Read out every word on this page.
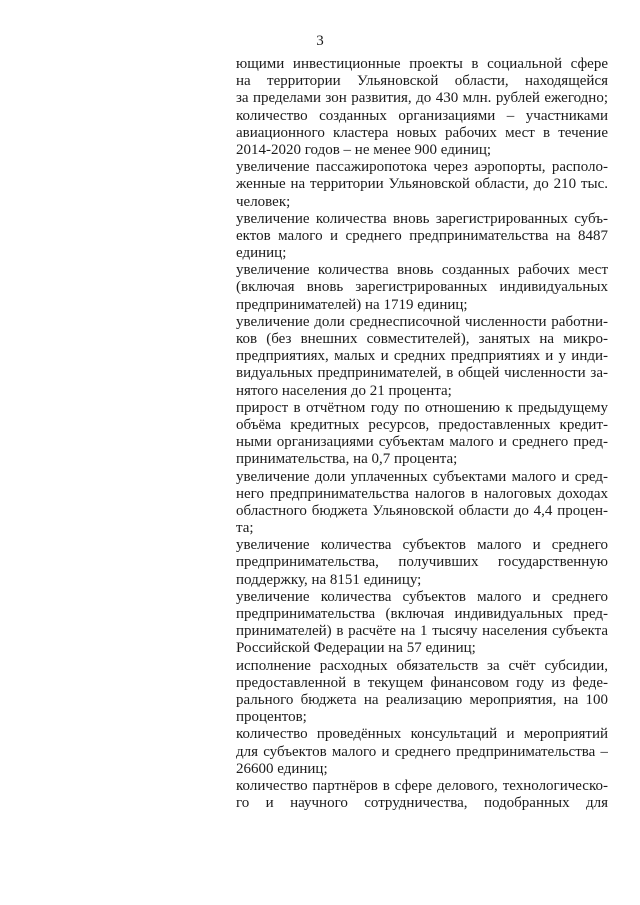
3
ющими инвестиционные проекты в социальной сфере
на территории Ульяновской области, находящейся
за пределами зон развития, до 430 млн. рублей ежегодно;
количество созданных организациями – участниками
авиационного кластера новых рабочих мест в течение
2014-2020 годов – не менее 900 единиц;
увеличение пассажиропотока через аэропорты, располо-
женные на территории Ульяновской области, до 210 тыс.
человек;
увеличение количества вновь зарегистрированных субъ-
ектов малого и среднего предпринимательства на 8487
единиц;
увеличение количества вновь созданных рабочих мест
(включая вновь зарегистрированных индивидуальных
предпринимателей) на 1719 единиц;
увеличение доли среднесписочной численности работни-
ков (без внешних совместителей), занятых на микро-
предприятиях, малых и средних предприятиях и у инди-
видуальных предпринимателей, в общей численности за-
нятого населения до 21 процента;
прирост в отчётном году по отношению к предыдущему
объёма кредитных ресурсов, предоставленных кредит-
ными организациями субъектам малого и среднего пред-
принимательства, на 0,7 процента;
увеличение доли уплаченных субъектами малого и сред-
него предпринимательства налогов в налоговых доходах
областного бюджета Ульяновской области до 4,4 процен-
та;
увеличение количества субъектов малого и среднего
предпринимательства, получивших государственную
поддержку, на 8151 единицу;
увеличение количества субъектов малого и среднего
предпринимательства (включая индивидуальных пред-
принимателей) в расчёте на 1 тысячу населения субъекта
Российской Федерации на 57 единиц;
исполнение расходных обязательств за счёт субсидии,
предоставленной в текущем финансовом году из феде-
рального бюджета на реализацию мероприятия, на 100
процентов;
количество проведённых консультаций и мероприятий
для субъектов малого и среднего предпринимательства –
26600 единиц;
количество партнёров в сфере делового, технологическо-
го и научного сотрудничества, подобранных для
